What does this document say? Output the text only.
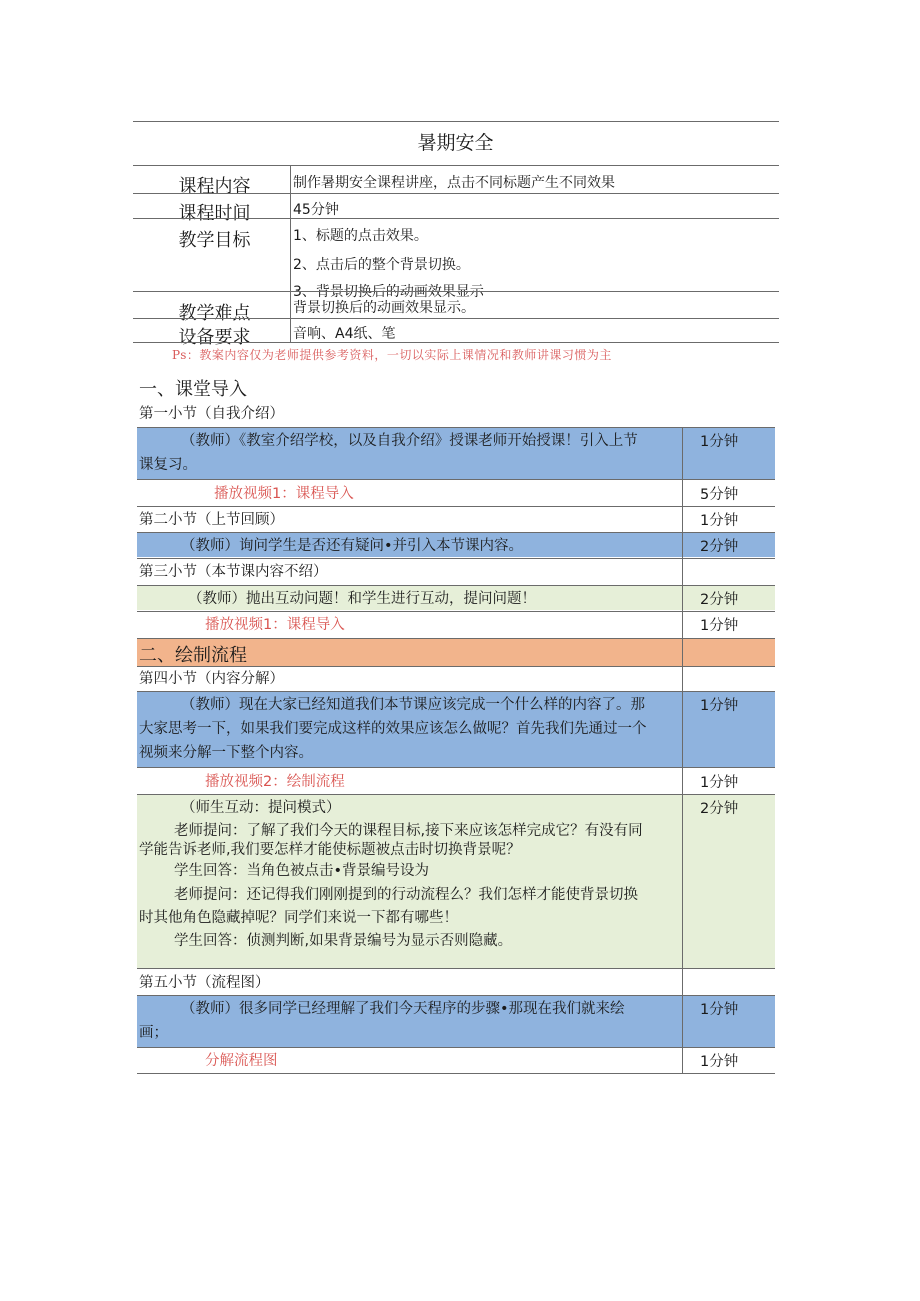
暑期安全
课程内容	制作暑期安全课程讲座，点击不同标题产生不同效果
课程时间	45分钟
教学目标	1、标题的点击效果。
2、点击后的整个背景切换。
3、背景切换后的动画效果显示
教学难点	背景切换后的动画效果显示。
设备要求	音响、A4纸、笔
Ps：教案内容仅为老师提供参考资料，一切以实际上课情况和教师讲课习惯为主
一、课堂导入
第一小节（自我介绍）
（教师）《教室介绍学校，以及自我介绍》授课老师开始授课！引入上节
课复习。
1分钟
播放视频1：课程导入	5分钟
第二小节（上节回顾）	1分钟
（教师）询问学生是否还有疑问•并引入本节课内容。	2分钟
第三小节（本节课内容不绍）
（教师）抛出互动问题！和学生进行互动，提问问题！	2分钟
播放视频1：课程导入	1分钟
二、绘制流程
第四小节（内容分解）
（教师）现在大家已经知道我们本节课应该完成一个什么样的内容了。那
大家思考一下，如果我们要完成这样的效果应该怎么做呢？首先我们先通过一个
视频来分解一下整个内容。
1分钟
播放视频2：绘制流程	1分钟
（师生互动：提问模式）
老师提问：了解了我们今天的课程目标,接下来应该怎样完成它？有没有同
学能告诉老师,我们要怎样才能使标题被点击时切换背景呢？
学生回答：当角色被点击•背景编号设为
老师提问：还记得我们刚刚提到的行动流程么？我们怎样才能使背景切换
时其他角色隐藏掉呢？同学们来说一下都有哪些！
学生回答：侦测判断,如果背景编号为显示否则隐藏。
2分钟
第五小节（流程图）
（教师）很多同学已经理解了我们今天程序的步骤•那现在我们就来绘
画；
1分钟
分解流程图	1分钟
